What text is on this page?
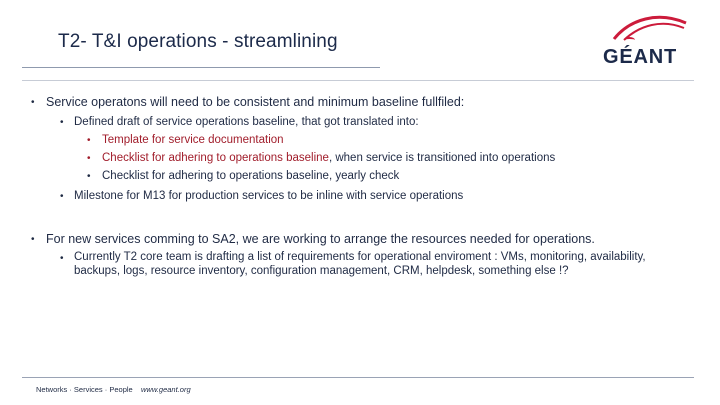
T2- T&I operations - streamlining
GÉANT
• Service operatons will need to be consistent and minimum baseline fullfiled:
• Defined draft of service operations baseline, that got translated into:
• Template for service documentation
• Checklist for adhering to operations baseline, when service is transitioned into operations
• Checklist for adhering to operations baseline, yearly check
• Milestone for M13 for production services to be inline with service operations
• For new services comming to SA2, we are working to arrange the resources needed for operations.
• Currently T2 core team is drafting a list of requirements for operational enviroment : VMs, monitoring, availability, backups, logs, resource inventory, configuration management, CRM, helpdesk, something else !?
Networks · Services · People www.geant.org
